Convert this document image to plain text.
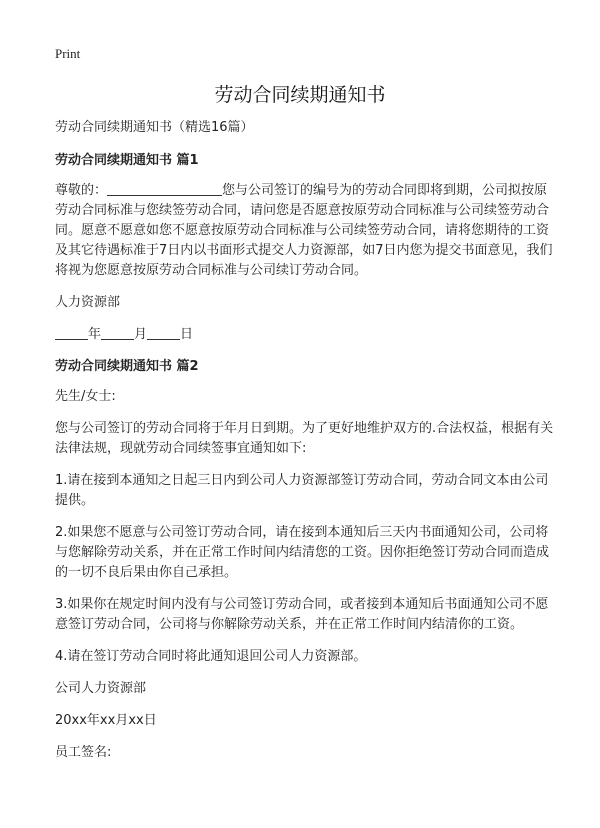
Print
劳动合同续期通知书

劳动合同续期通知书（精选16篇）

劳动合同续期通知书 篇1

尊敬的：	您与公司签订的编号为的劳动合同即将到期，公司拟按原劳动合同标准与您续签劳动合同，请问您是否愿意按原劳动合同标准与公司续签劳动合同。愿意不愿意如您不愿意按原劳动合同标准与公司续签劳动合同，请将您期待的工资及其它待遇标准于7日内以书面形式提交人力资源部，如7日内您为提交书面意见，我们将视为您愿意按原劳动合同标准与公司续订劳动合同。

人力资源部

年	月	日

劳动合同续期通知书 篇2

先生/女士:

您与公司签订的劳动合同将于年月日到期。为了更好地维护双方的.合法权益，根据有关法律法规，现就劳动合同续签事宜通知如下:

1.请在接到本通知之日起三日内到公司人力资源部签订劳动合同，劳动合同文本由公司提供。

2.如果您不愿意与公司签订劳动合同，请在接到本通知后三天内书面通知公司，公司将与您解除劳动关系，并在正常工作时间内结清您的工资。因你拒绝签订劳动合同而造成的一切不良后果由你自己承担。

3.如果你在规定时间内没有与公司签订劳动合同，或者接到本通知后书面通知公司不愿意签订劳动合同，公司将与你解除劳动关系，并在正常工作时间内结清你的工资。

4.请在签订劳动合同时将此通知退回公司人力资源部。

公司人力资源部

20xx年xx月xx日

员工签名:
